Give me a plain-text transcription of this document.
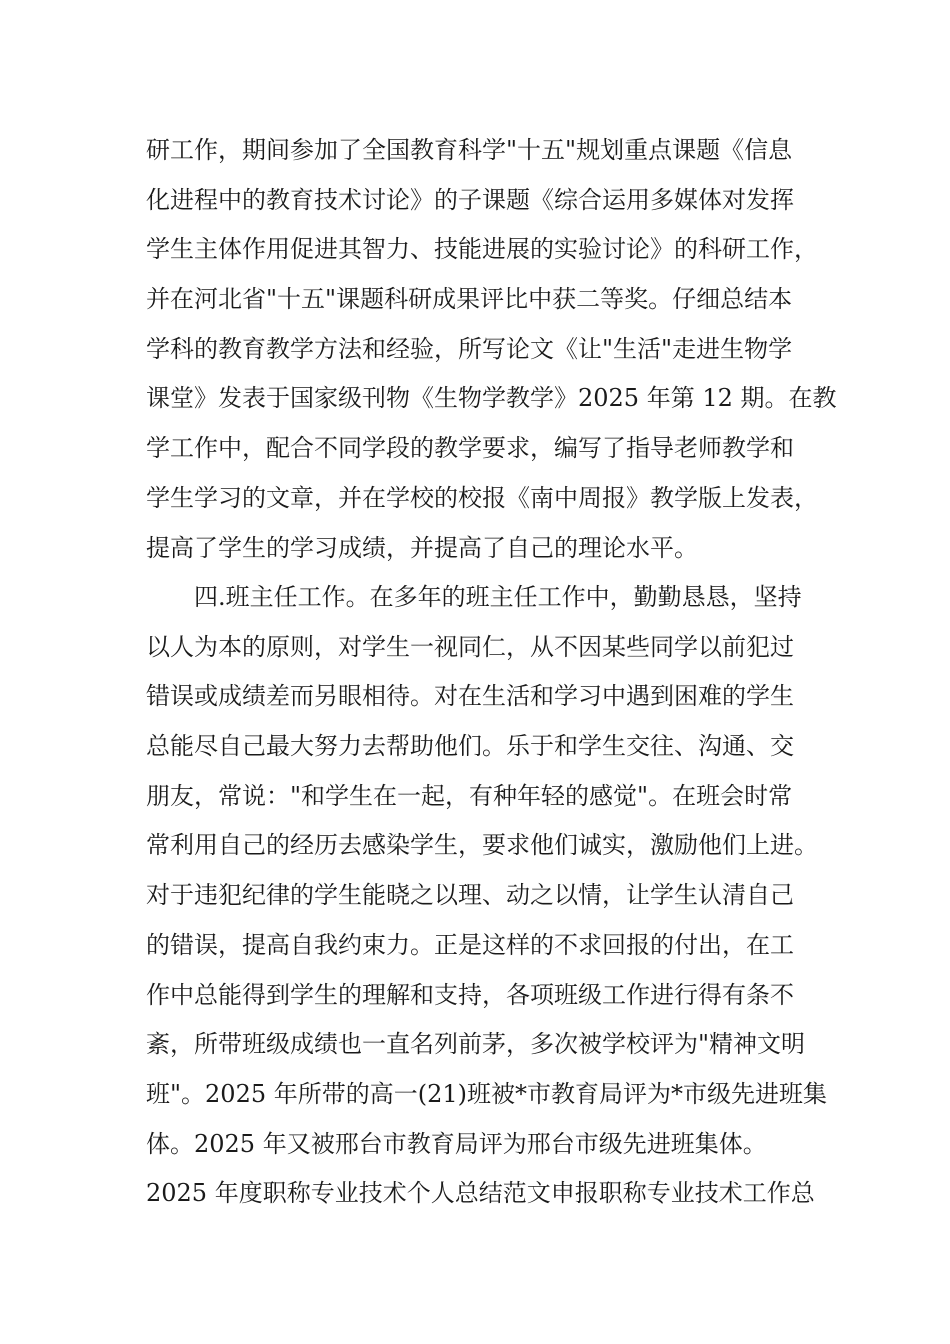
研工作，期间参加了全国教育科学"十五"规划重点课题《信息
化进程中的教育技术讨论》的子课题《综合运用多媒体对发挥
学生主体作用促进其智力、技能进展的实验讨论》的科研工作，
并在河北省"十五"课题科研成果评比中获二等奖。仔细总结本
学科的教育教学方法和经验，所写论文《让"生活"走进生物学
课堂》发表于国家级刊物《生物学教学》2025 年第 12 期。在教
学工作中，配合不同学段的教学要求，编写了指导老师教学和
学生学习的文章，并在学校的校报《南中周报》教学版上发表，
提高了学生的学习成绩，并提高了自己的理论水平。
　　四.班主任工作。在多年的班主任工作中，勤勤恳恳，坚持
以人为本的原则，对学生一视同仁，从不因某些同学以前犯过
错误或成绩差而另眼相待。对在生活和学习中遇到困难的学生
总能尽自己最大努力去帮助他们。乐于和学生交往、沟通、交
朋友，常说："和学生在一起，有种年轻的感觉"。在班会时常
常利用自己的经历去感染学生，要求他们诚实，激励他们上进。
对于违犯纪律的学生能晓之以理、动之以情，让学生认清自己
的错误，提高自我约束力。正是这样的不求回报的付出，在工
作中总能得到学生的理解和支持，各项班级工作进行得有条不
紊，所带班级成绩也一直名列前茅，多次被学校评为"精神文明
班"。2025 年所带的高一(21)班被*市教育局评为*市级先进班集
体。2025 年又被邢台市教育局评为邢台市级先进班集体。
2025 年度职称专业技术个人总结范文申报职称专业技术工作总
